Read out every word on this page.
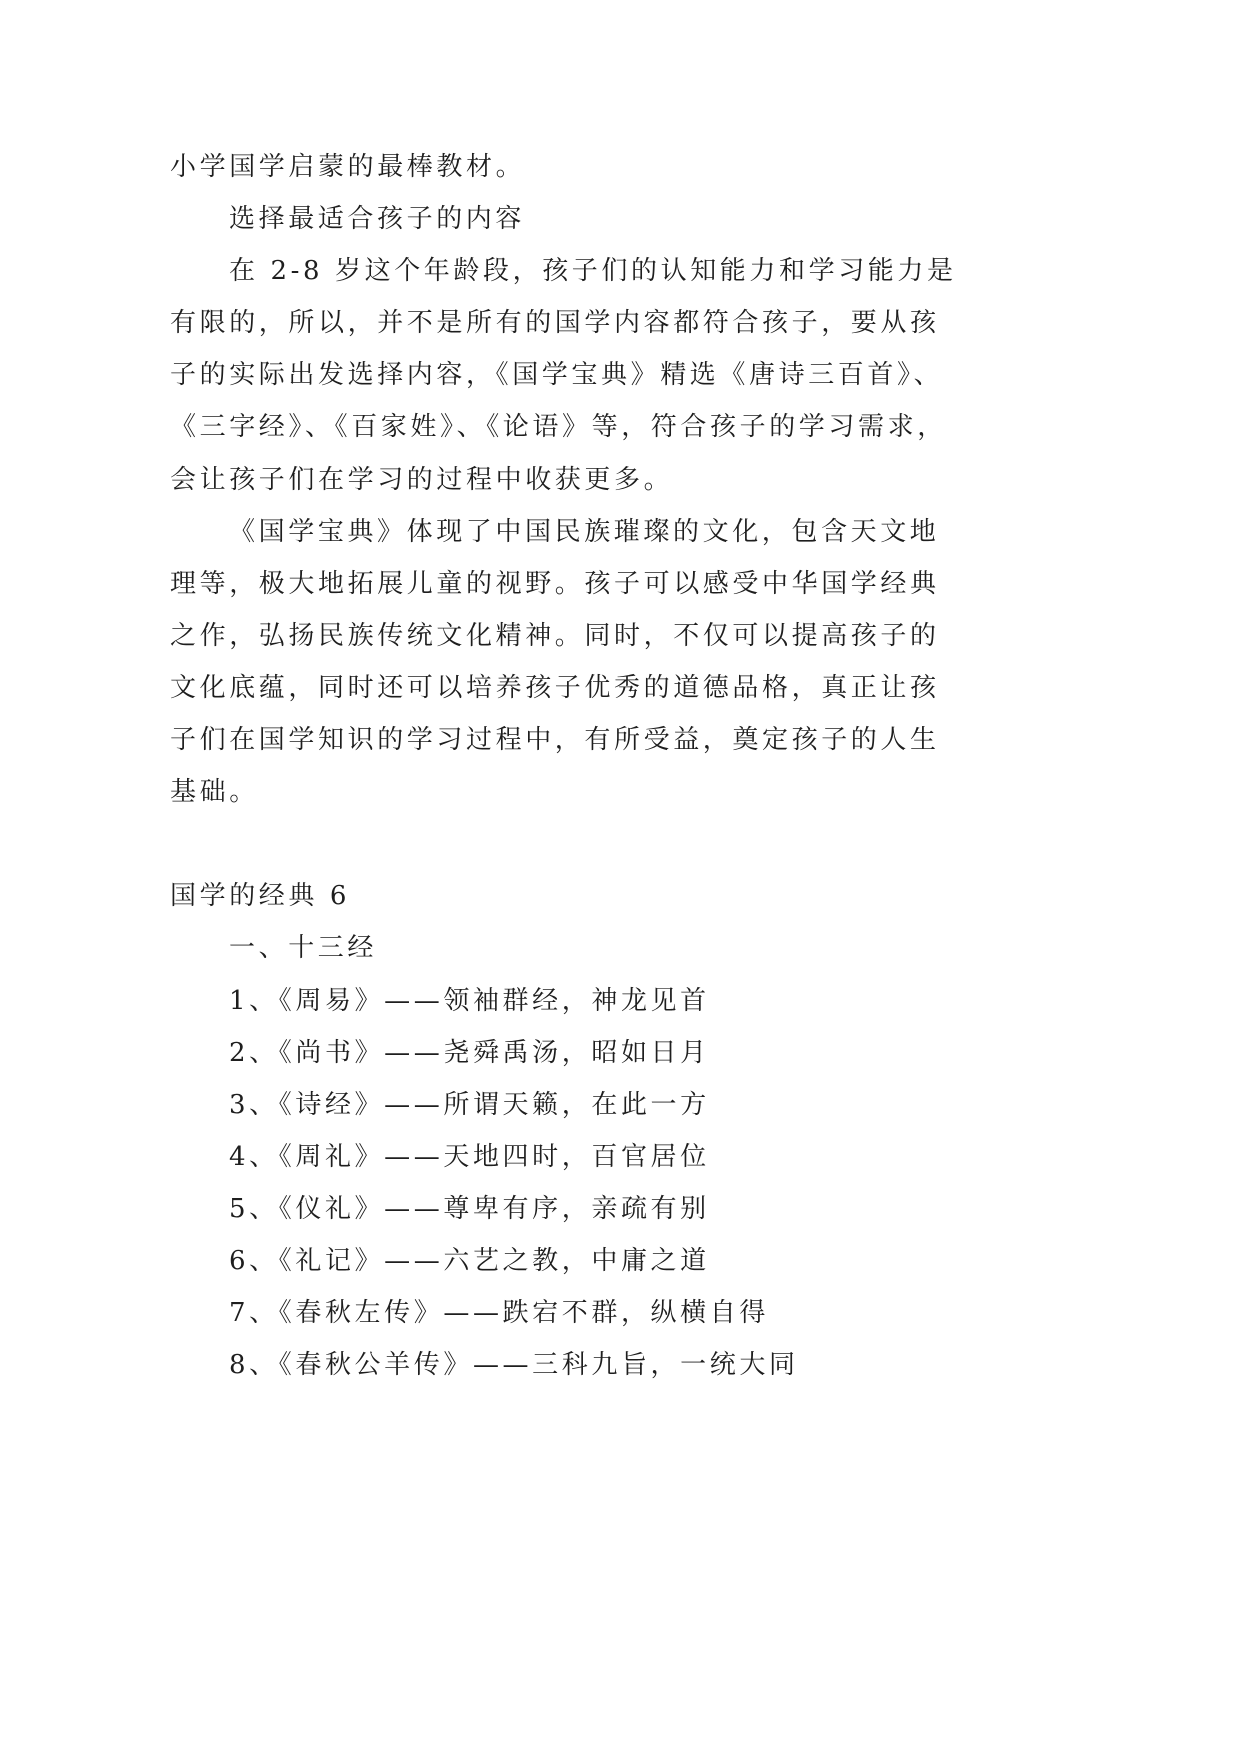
小学国学启蒙的最棒教材。
选择最适合孩子的内容
在 2-8 岁这个年龄段，孩子们的认知能力和学习能力是
有限的，所以，并不是所有的国学内容都符合孩子，要从孩
子的实际出发选择内容，《国学宝典》精选《唐诗三百首》、
《三字经》、《百家姓》、《论语》等，符合孩子的学习需求，
会让孩子们在学习的过程中收获更多。
《国学宝典》体现了中国民族璀璨的文化，包含天文地
理等，极大地拓展儿童的视野。孩子可以感受中华国学经典
之作，弘扬民族传统文化精神。同时，不仅可以提高孩子的
文化底蕴，同时还可以培养孩子优秀的道德品格，真正让孩
子们在国学知识的学习过程中，有所受益，奠定孩子的人生
基础。
国学的经典 6
一、十三经
1、《周易》——领袖群经，神龙见首
2、《尚书》——尧舜禹汤，昭如日月
3、《诗经》——所谓天籁，在此一方
4、《周礼》——天地四时，百官居位
5、《仪礼》——尊卑有序，亲疏有别
6、《礼记》——六艺之教，中庸之道
7、《春秋左传》——跌宕不群，纵横自得
8、《春秋公羊传》——三科九旨，一统大同
